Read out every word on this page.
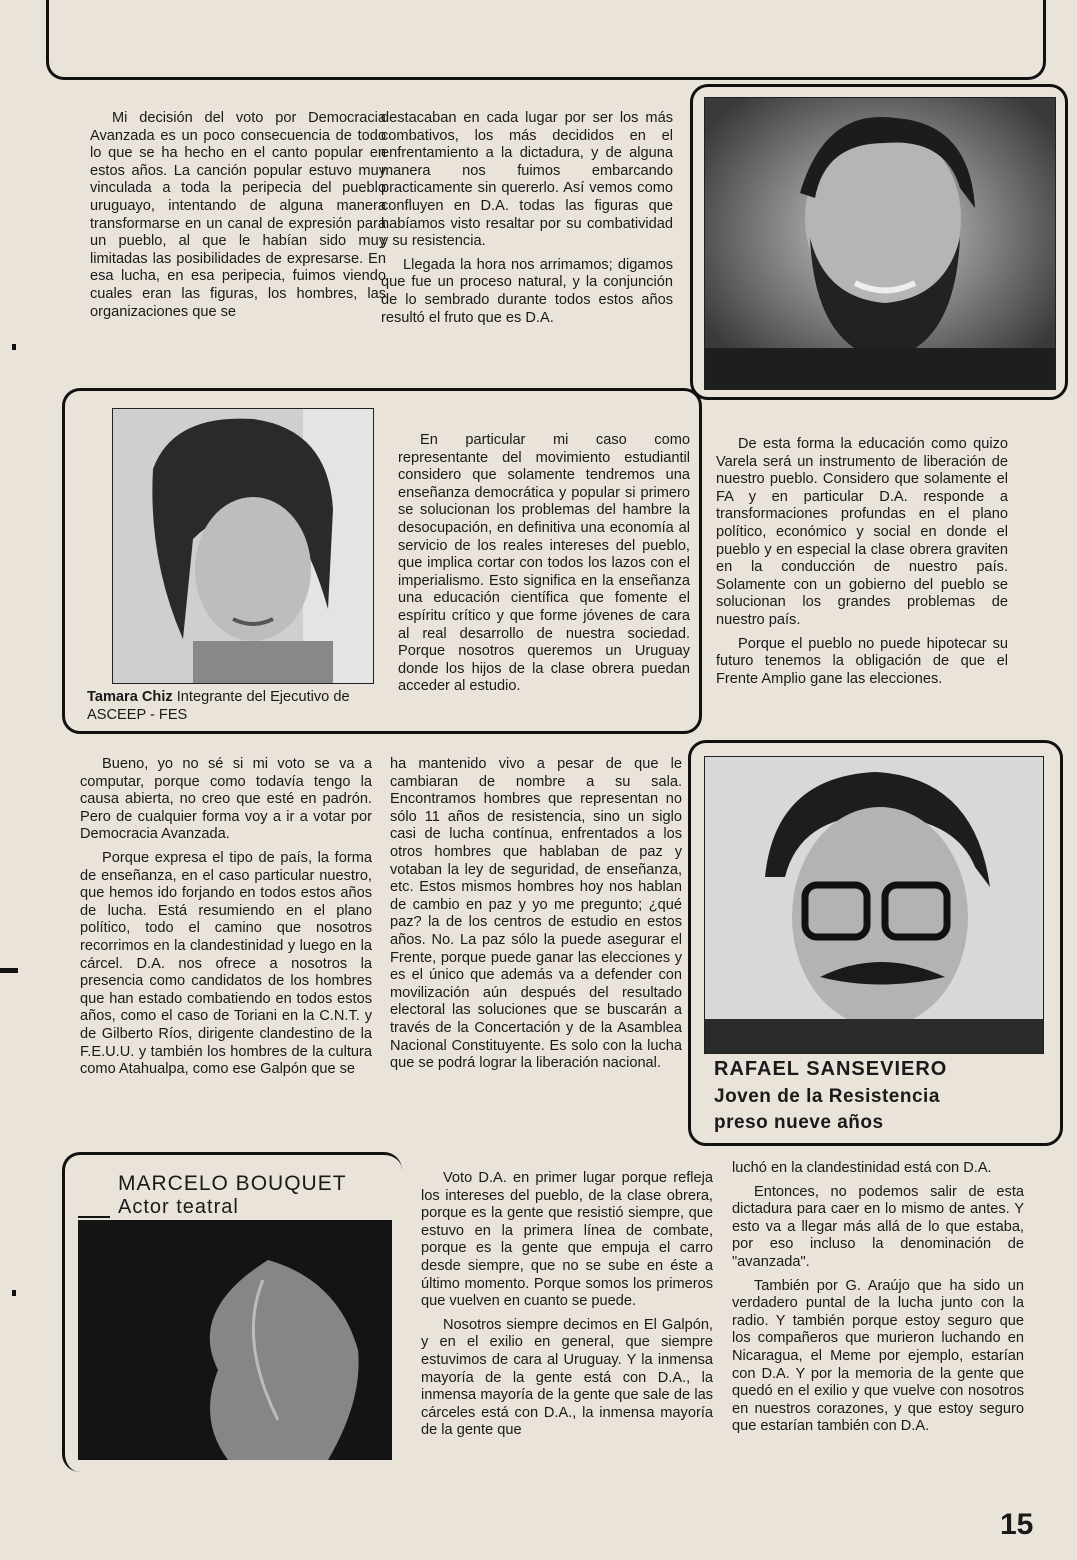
Mi decisión del voto por Democracia Avanzada es un poco consecuencia de todo lo que se ha hecho en el canto popular en estos años. La canción popular estuvo muy vinculada a toda la peripecia del pueblo uruguayo, intentando de alguna manera transformarse en un canal de expresión para un pueblo, al que le habían sido muy limitadas las posibilidades de expresarse. En esa lucha, en esa peripecia, fuimos viendo cuales eran las figuras, los hombres, las organizaciones que se

destacaban en cada lugar por ser los más combativos, los más decididos en el enfrentamiento a la dictadura, y de alguna manera nos fuimos embarcando practicamente sin quererlo. Así vemos como confluyen en D.A. todas las figuras que habíamos visto resaltar por su combatividad y su resistencia.

Llegada la hora nos arrimamos; digamos que fue un proceso natural, y la conjunción de lo sembrado durante todos estos años resultó el fruto que es D.A.

Tamara Chiz Integrante del Ejecutivo de ASCEEP - FES

En particular mi caso como representante del movimiento estudiantil considero que solamente tendremos una enseñanza democrática y popular si primero se solucionan los problemas del hambre la desocupación, en definitiva una economía al servicio de los reales intereses del pueblo, que implica cortar con todos los lazos con el imperialismo. Esto significa en la enseñanza una educación científica que fomente el espíritu crítico y que forme jóvenes de cara al real desarrollo de nuestra sociedad. Porque nosotros queremos un Uruguay donde los hijos de la clase obrera puedan acceder al estudio.

De esta forma la educación como quizo Varela será un instrumento de liberación de nuestro pueblo. Considero que solamente el FA y en particular D.A. responde a transformaciones profundas en el plano político, económico y social en donde el pueblo y en especial la clase obrera graviten en la conducción de nuestro país. Solamente con un gobierno del pueblo se solucionan los grandes problemas de nuestro país.

Porque el pueblo no puede hipotecar su futuro tenemos la obligación de que el Frente Amplio gane las elecciones.

RAFAEL SANSEVIERO
Joven de la Resistencia
preso nueve años

Bueno, yo no sé si mi voto se va a computar, porque como todavía tengo la causa abierta, no creo que esté en padrón. Pero de cualquier forma voy a ir a votar por Democracia Avanzada.

Porque expresa el tipo de país, la forma de enseñanza, en el caso particular nuestro, que hemos ido forjando en todos estos años de lucha. Está resumiendo en el plano político, todo el camino que nosotros recorrimos en la clandestinidad y luego en la cárcel. D.A. nos ofrece a nosotros la presencia como candidatos de los hombres que han estado combatiendo en todos estos años, como el caso de Toriani en la C.N.T. y de Gilberto Ríos, dirigente clandestino de la F.E.U.U. y también los hombres de la cultura como Atahualpa, como ese Galpón que se

ha mantenido vivo a pesar de que le cambiaran de nombre a su sala. Encontramos hombres que representan no sólo 11 años de resistencia, sino un siglo casi de lucha contínua, enfrentados a los otros hombres que hablaban de paz y votaban la ley de seguridad, de enseñanza, etc. Estos mismos hombres hoy nos hablan de cambio en paz y yo me pregunto; ¿qué paz? la de los centros de estudio en estos años. No. La paz sólo la puede asegurar el Frente, porque puede ganar las elecciones y es el único que además va a defender con movilización aún después del resultado electoral las soluciones que se buscarán a través de la Concertación y de la Asamblea Nacional Constituyente. Es solo con la lucha que se podrá lograr la liberación nacional.

MARCELO BOUQUET
Actor teatral

Voto D.A. en primer lugar porque refleja los intereses del pueblo, de la clase obrera, porque es la gente que resistió siempre, que estuvo en la primera línea de combate, porque es la gente que empuja el carro desde siempre, que no se sube en éste a último momento. Porque somos los primeros que vuelven en cuanto se puede.

Nosotros siempre decimos en El Galpón, y en el exilio en general, que siempre estuvimos de cara al Uruguay. Y la inmensa mayoría de la gente está con D.A., la inmensa mayoría de la gente que sale de las cárceles está con D.A., la inmensa mayoría de la gente que

luchó en la clandestinidad está con D.A.

Entonces, no podemos salir de esta dictadura para caer en lo mismo de antes. Y esto va a llegar más allá de lo que estaba, por eso incluso la denominación de "avanzada".

También por G. Araújo que ha sido un verdadero puntal de la lucha junto con la radio. Y también porque estoy seguro que los compañeros que murieron luchando en Nicaragua, el Meme por ejemplo, estarían con D.A. Y por la memoria de la gente que quedó en el exilio y que vuelve con nosotros en nuestros corazones, y que estoy seguro que estarían también con D.A.

15
